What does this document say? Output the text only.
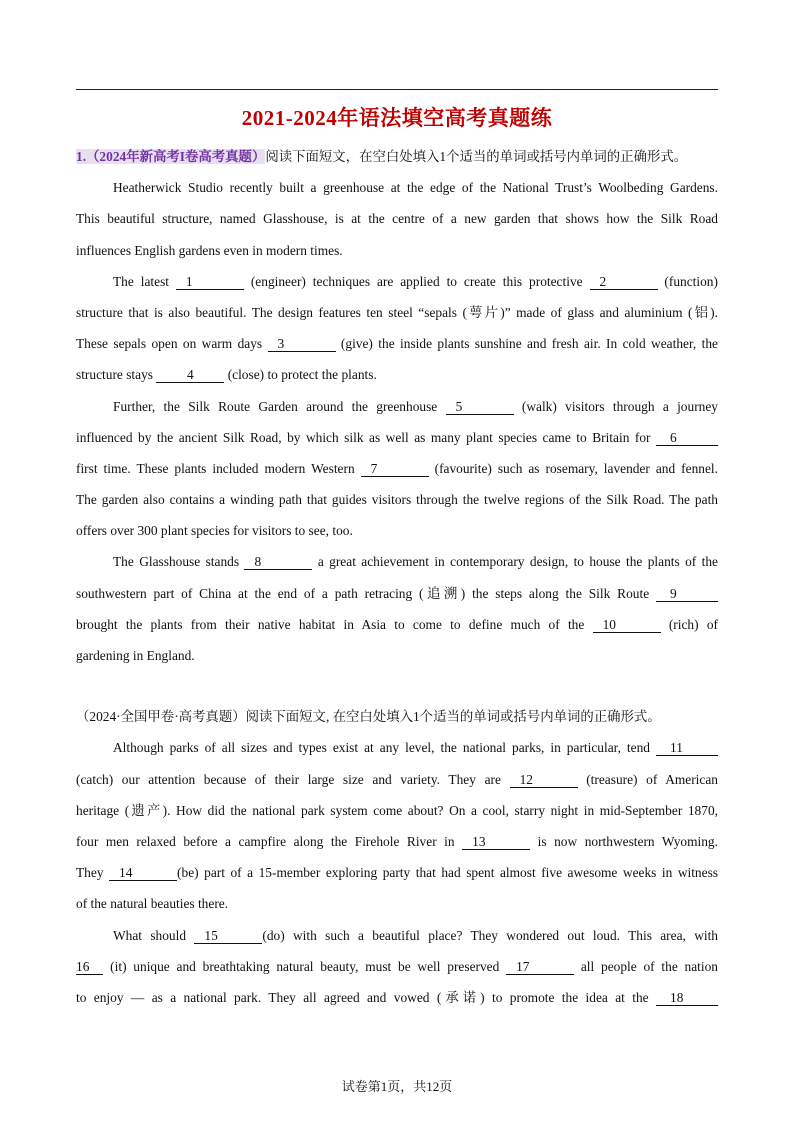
2021-2024年语法填空高考真题练
1.（2024年新高考I卷高考真题）阅读下面短文，在空白处填入1个适当的单词或括号内单词的正确形式。
Heatherwick Studio recently built a greenhouse at the edge of the National Trust’s Woolbeding Gardens.
This beautiful structure, named Glasshouse, is at the centre of a new garden that shows how the Silk Road
influences English gardens even in modern times.
The latest 1	(engineer) techniques are applied to create this protective 2	(function)
structure that is also beautiful. The design features ten steel “sepals (萼片)” made of glass and aluminium (铝).
These sepals open on warm days 3	(give) the inside plants sunshine and fresh air. In cold weather, the
structure stays 4	(close) to protect the plants.
Further, the Silk Route Garden around the greenhouse 5	(walk) visitors through a journey
influenced by the ancient Silk Road, by which silk as well as many plant species came to Britain for 6
first time. These plants included modern Western 7	(favourite) such as rosemary, lavender and fennel.
The garden also contains a winding path that guides visitors through the twelve regions of the Silk Road. The path
offers over 300 plant species for visitors to see, too.
The Glasshouse stands 8	a great achievement in contemporary design, to house the plants of the
southwestern part of China at the end of a path retracing (追溯) the steps along the Silk Route 9
brought the plants from their native habitat in Asia to come to define much of the 10	(rich) of
gardening in England.
（2024·全国甲卷·高考真题）阅读下面短文, 在空白处填入1个适当的单词或括号内单词的正确形式。
Although parks of all sizes and types exist at any level, the national parks, in particular, tend 11
(catch) our attention because of their large size and variety. They are 12	(treasure) of American
heritage (遗产). How did the national park system come about? On a cool, starry night in mid-September 1870,
four men relaxed before a campfire along the Firehole River in 13	is now northwestern Wyoming.
They 14	(be) part of a 15-member exploring party that had spent almost five awesome weeks in witness
of the natural beauties there.
What should 15	(do) with such a beautiful place? They wondered out loud. This area, with
16 (it) unique and breathtaking natural beauty, must be well preserved 17	all people of the nation
to enjoy — as a national park. They all agreed and vowed (承诺) to promote the idea at the 18
试卷第1页，共12页
